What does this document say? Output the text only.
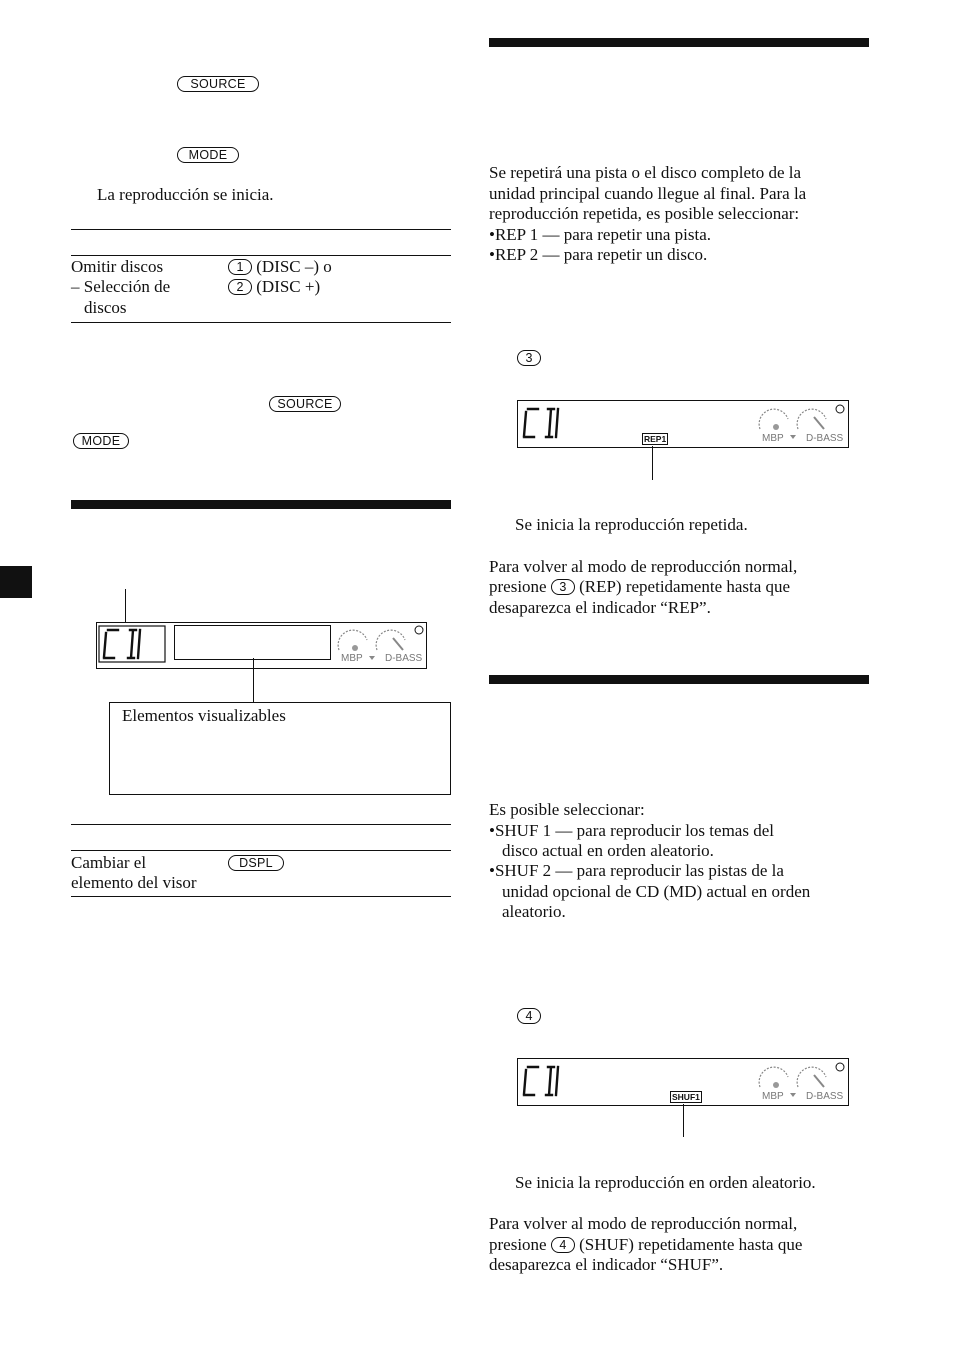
SOURCE
MODE
La reproducción se inicia.
Omitir discos
– Selección de
discos
1 (DISC –) o
2 (DISC +)
SOURCE
MODE
MBP D-BASS
Elementos visualizables
Cambiar el
elemento del visor
DSPL
Se repetirá una pista o el disco completo de la
unidad principal cuando llegue al final. Para la
reproducción repetida, es posible seleccionar:
•REP 1 — para repetir una pista.
•REP 2 — para repetir un disco.
3
REP1	MBP D-BASS
Se inicia la reproducción repetida.
Para volver al modo de reproducción normal,
presione 3 (REP) repetidamente hasta que
desaparezca el indicador “REP”.
Es posible seleccionar:
•SHUF 1 — para reproducir los temas del
disco actual en orden aleatorio.
•SHUF 2 — para reproducir las pistas de la
unidad opcional de CD (MD) actual en orden
aleatorio.
4
SHUF1	MBP D-BASS
Se inicia la reproducción en orden aleatorio.
Para volver al modo de reproducción normal,
presione 4 (SHUF) repetidamente hasta que
desaparezca el indicador “SHUF”.
